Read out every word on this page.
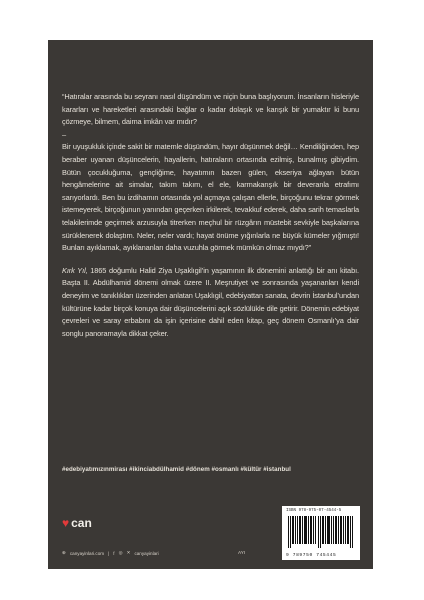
“Hatıralar arasında bu seyranı nasıl düşündüm ve niçin buna başlıyorum. İnsanların hisleriyle kararları ve hareketleri arasındaki bağlar o kadar dolaşık ve karışık bir yumaktır ki bunu çözmeye, bilmem, daima imkân var mıdır?

–

Bir uyuşukluk içinde sakit bir matemle düşündüm, hayır düşünmek değil… Kendiliğinden, hep beraber uyanan düşüncelerin, hayallerin, hatıraların ortasında ezilmiş, bunalmış gibiydim. Bütün çocukluğuma, gençliğime, hayatımın bazen gülen, ekseriya ağlayan bütün hengâmelerine ait simalar, takım takım, el ele, karmakarışık bir deveranla etrafımı sarıyorlardı. Ben bu izdihamın ortasında yol açmaya çalışan ellerle, birçoğunu tekrar görmek istemeyerek, birçoğunun yanından geçerken irkilerek, tevakkuf ederek, daha sarih temaslarla telakilerimde geçirmek arzusuyla titrerken meçhul bir rüzgârın müstebit sevkiyle başkalarına sürüklenerek dolaştım. Neler, neler vardı; hayat önüme yığınlarla ne büyük kümeler yığmıştı! Bunları ayıklamak, ayıklananları daha vuzuhla görmek mümkün olmaz mıydı?”

Kırk Yıl, 1865 doğumlu Halid Ziya Uşaklıgil’in yaşamının ilk dönemini anlattığı bir anı kitabı. Başta II. Abdülhamid dönemi olmak üzere II. Meşrutiyet ve sonrasında yaşananları kendi deneyim ve tanıklıkları üzerinden anlatan Uşaklıgil, edebiyattan sanata, devrin İstanbul’undan kültürüne kadar birçok konuya dair düşüncelerini açık sözlülükle dile getirir. Dönemin edebiyat çevreleri ve saray erbabını da işin içerisine dahil eden kitap, geç dönem Osmanlı’ya dair songlu panoramayla dikkat çeker.

#edebiyatımızınmirası #ikinciabdülhamid #dönem #osmanlı #kültür #istanbul
♥ can
⊕ canyayinlari.com | f ◎ ✕ canyayinlari	AYI
ISBN 978-975-07-4544-5
9 789750 745445
